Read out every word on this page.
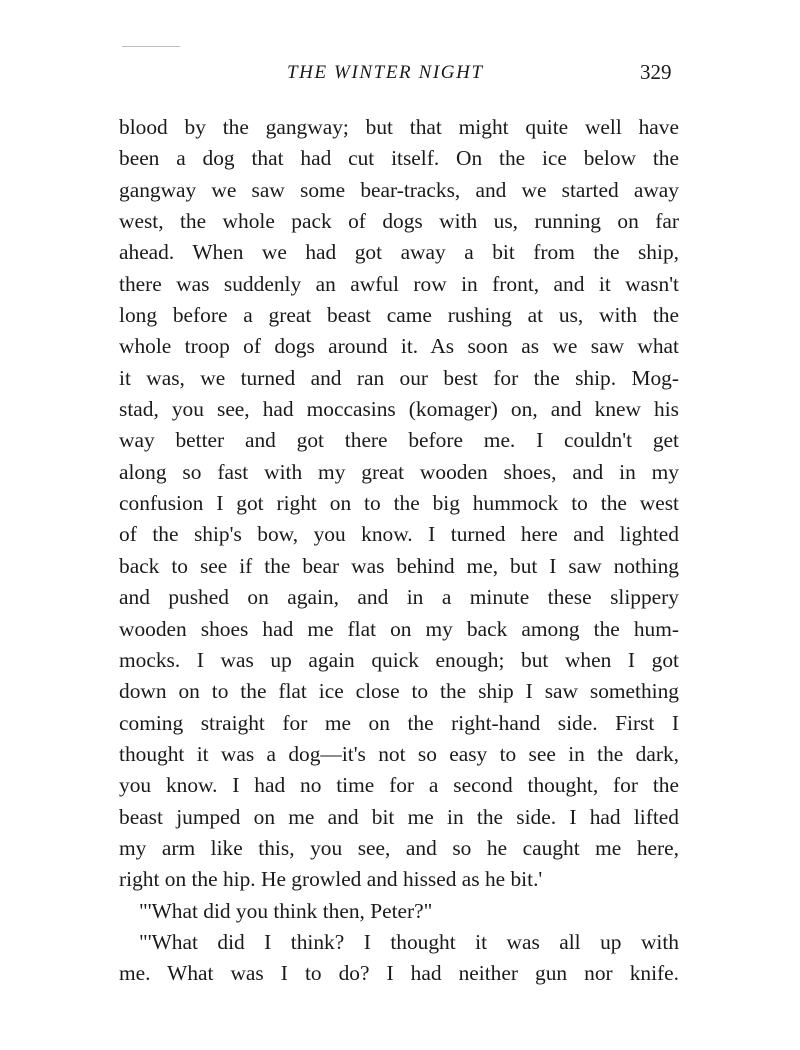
THE WINTER NIGHT	329
blood by the gangway; but that might quite well have
been a dog that had cut itself. On the ice below the
gangway we saw some bear-tracks, and we started away
west, the whole pack of dogs with us, running on far
ahead. When we had got away a bit from the ship,
there was suddenly an awful row in front, and it wasn't
long before a great beast came rushing at us, with the
whole troop of dogs around it. As soon as we saw what
it was, we turned and ran our best for the ship. Mog-
stad, you see, had moccasins (komager) on, and knew his
way better and got there before me. I couldn't get
along so fast with my great wooden shoes, and in my
confusion I got right on to the big hummock to the west
of the ship's bow, you know. I turned here and lighted
back to see if the bear was behind me, but I saw nothing
and pushed on again, and in a minute these slippery
wooden shoes had me flat on my back among the hum-
mocks. I was up again quick enough; but when I got
down on to the flat ice close to the ship I saw something
coming straight for me on the right-hand side. First I
thought it was a dog—it's not so easy to see in the dark,
you know. I had no time for a second thought, for the
beast jumped on me and bit me in the side. I had lifted
my arm like this, you see, and so he caught me here,
right on the hip. He growled and hissed as he bit.'
"'What did you think then, Peter?"
"'What did I think? I thought it was all up with
me. What was I to do? I had neither gun nor knife.
